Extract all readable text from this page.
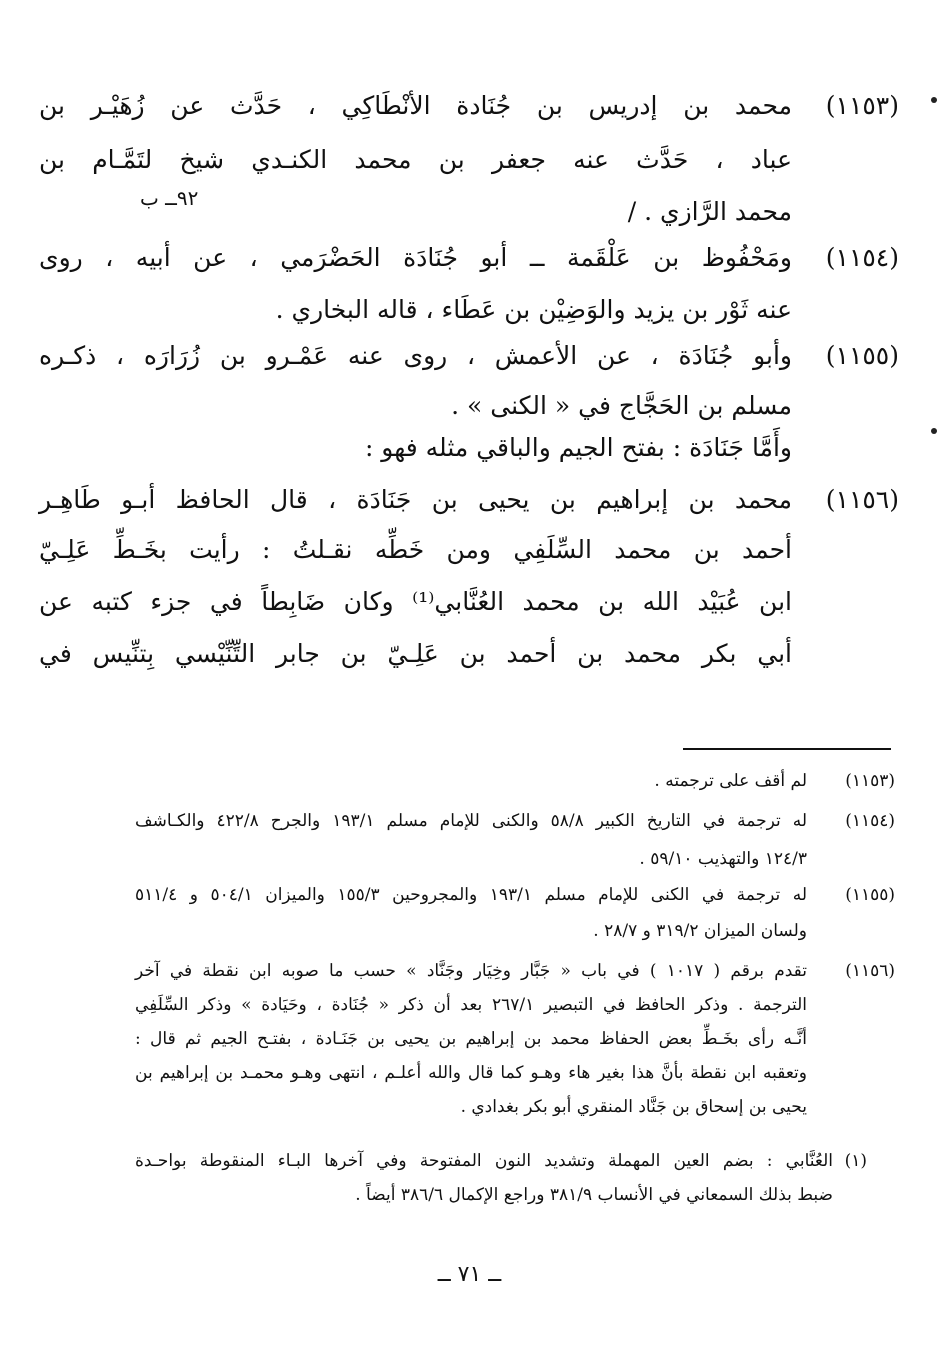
(١١٥٣)
محمد بن إدريس بن جُنَادة الأنْطَاكِي ، حَدَّث عن زُهَيْـر بن
عباد ، حَدَّث عنه جعفر بن محمد الكنـدي شيخ لتَمَّـام بن
محمد الرَّازي . /
٩٢ــ ب
(١١٥٤)
ومَحْفُوظ بن عَلْقَمة ــ أبو جُنَادَة الحَضْرَمي ، عن أبيه ، روى
عنه ثَوْر بن يزيد والوَضِيْن بن عَطَاء ، قاله البخاري .
(١١٥٥)
وأبو جُنَادَة ، عن الأعمش ، روى عنه عَمْـرو بن زُرَارَه ، ذكـره
مسلم بن الحَجَّاج في « الكنى » .
وأَمَّا جَنَادَة : بفتح الجيم والباقي مثله فهو :
(١١٥٦)
محمد بن إبراهيم بن يحيى بن جَنَادَة ، قال الحافظ أبـو طَاهِـر
أحمد بن محمد السِّلَفِي ومن خَطِّه نقـلتُ : رأيت بخَـطِّ عَلِـيّ
ابن عُبَيْد الله بن محمد العُنَّابي⁽¹⁾ وكان ضَابِطاً في جزء كتبه عن
أبي بكر محمد بن أحمد بن عَلِـيّ بن جابر التِّنِّيْسي بِتنِّيس في
(١١٥٣)
لم أقف على ترجمته .
(١١٥٤)
له ترجمة في التاريخ الكبير ٥٨/٨ والكنى للإمام مسلم ١٩٣/١ والجرح ٤٢٢/٨ والكـاشف
١٢٤/٣ والتهذيب ٥٩/١٠ .
(١١٥٥)
له ترجمة في الكنى للإمام مسلم ١٩٣/١ والمجروحين ١٥٥/٣ والميزان ٥٠٤/١ و ٥١١/٤
ولسان الميزان ٣١٩/٢ و ٢٨/٧ .
(١١٥٦)
تقدم برقم ( ١٠١٧ ) في باب « جَبَّار وخِيَار وجَنَّاد » حسب ما صوبه ابن نقطة في آخر
الترجمة . وذكر الحافظ في التبصير ٢٦٧/١ بعد أن ذكر « جُنَادة ، وحَيَادة » وذكر السِّلَفِي
أنَّـه رأى بخَـطِّ بعض الحفاظ محمد بن إبراهيم بن يحيى بن جَنَـادة ، بفتـح الجيم ثم قال :
وتعقبه ابن نقطة بأنَّ هذا بغير هاء وهـو كما قال والله أعلـم ، انتهى وهـو محمـد بن إبراهيم بن
يحيى بن إسحاق بن جَنَّاد المنقري أبو بكر بغدادي .
(١)
العُنَّابي : بضم العين المهملة وتشديد النون المفتوحة وفي آخرها البـاء المنقوطة بواحـدة
ضبط بذلك السمعاني في الأنساب ٣٨١/٩ وراجع الإكمال ٣٨٦/٦ أيضاً .
ــ ٧١ ــ
